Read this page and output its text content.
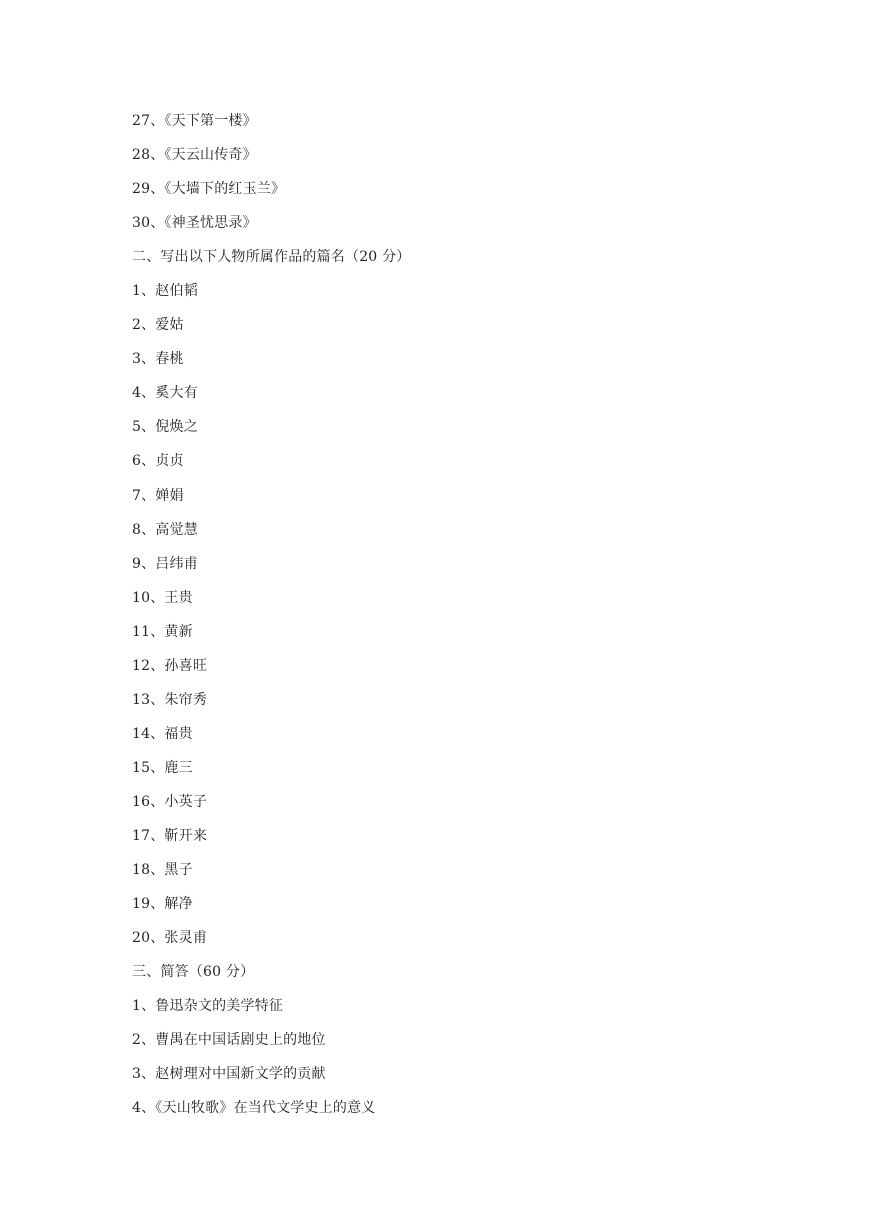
27、《天下第一楼》
28、《天云山传奇》
29、《大墙下的红玉兰》
30、《神圣忧思录》
二、写出以下人物所属作品的篇名（20 分）
1、赵伯韬
2、爱姑
3、春桃
4、奚大有
5、倪焕之
6、贞贞
7、婵娟
8、高觉慧
9、吕纬甫
10、王贵
11、黄新
12、孙喜旺
13、朱帘秀
14、福贵
15、鹿三
16、小英子
17、靳开来
18、黑子
19、解净
20、张灵甫
三、简答（60 分）
1、鲁迅杂文的美学特征
2、曹禺在中国话剧史上的地位
3、赵树理对中国新文学的贡献
4、《天山牧歌》在当代文学史上的意义
